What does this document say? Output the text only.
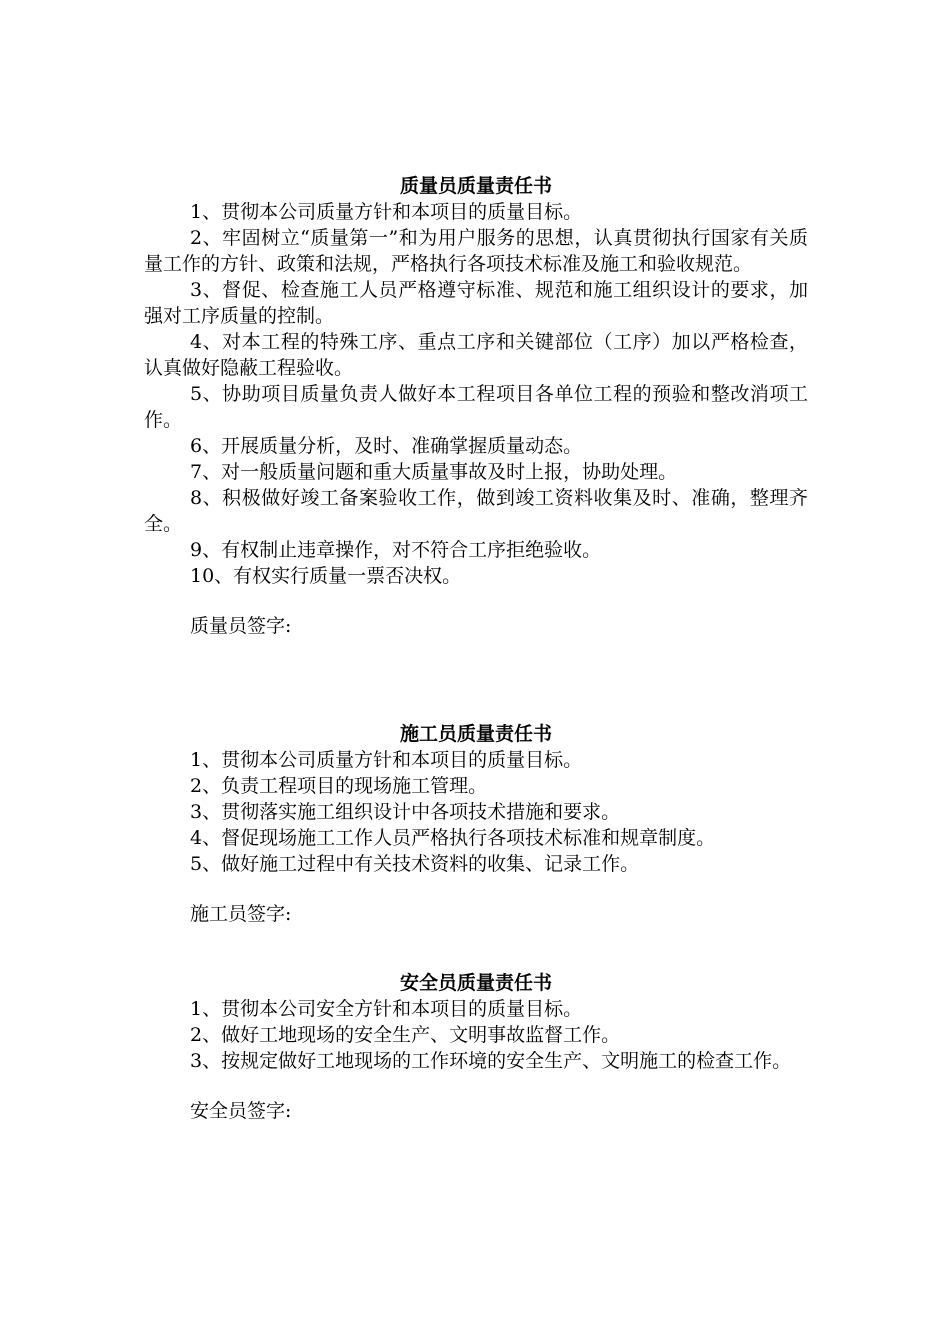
质量员质量责任书

1、贯彻本公司质量方针和本项目的质量目标。

2、牢固树立“质量第一”和为用户服务的思想，认真贯彻执行国家有关质量工作的方针、政策和法规，严格执行各项技术标准及施工和验收规范。

3、督促、检查施工人员严格遵守标准、规范和施工组织设计的要求，加强对工序质量的控制。

4、对本工程的特殊工序、重点工序和关键部位（工序）加以严格检查，认真做好隐蔽工程验收。

5、协助项目质量负责人做好本工程项目各单位工程的预验和整改消项工作。

6、开展质量分析，及时、准确掌握质量动态。

7、对一般质量问题和重大质量事故及时上报，协助处理。

8、积极做好竣工备案验收工作，做到竣工资料收集及时、准确，整理齐全。

9、有权制止违章操作，对不符合工序拒绝验收。

10、有权实行质量一票否决权。

质量员签字:

施工员质量责任书

1、贯彻本公司质量方针和本项目的质量目标。

2、负责工程项目的现场施工管理。

3、贯彻落实施工组织设计中各项技术措施和要求。

4、督促现场施工工作人员严格执行各项技术标准和规章制度。

5、做好施工过程中有关技术资料的收集、记录工作。

施工员签字:

安全员质量责任书

1、贯彻本公司安全方针和本项目的质量目标。

2、做好工地现场的安全生产、文明事故监督工作。

3、按规定做好工地现场的工作环境的安全生产、文明施工的检查工作。

安全员签字:
